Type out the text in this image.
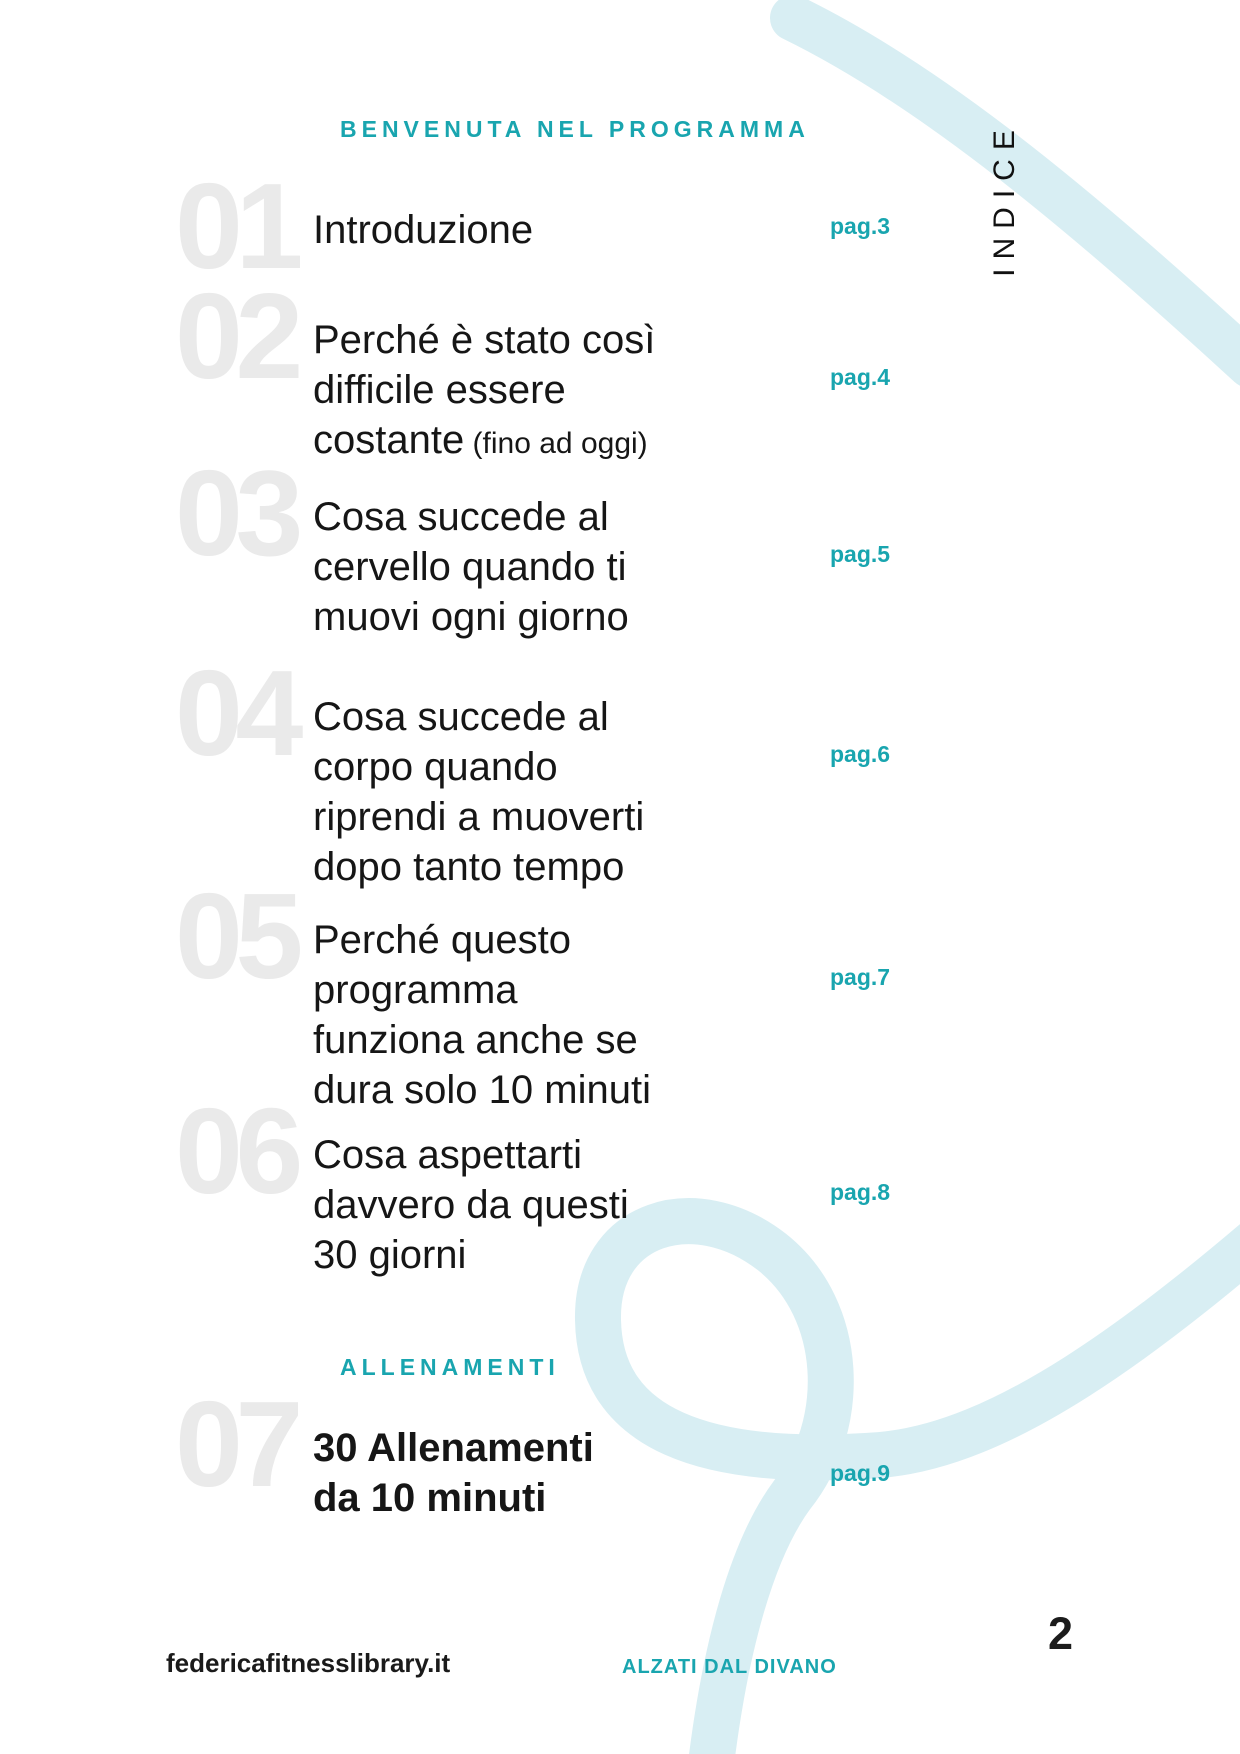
BENVENUTA NEL PROGRAMMA
ALLENAMENTI
INDICE
01 Introduzione	pag.3
02 Perché è stato così
difficile essere
costante (fino ad oggi)
pag.4
03 Cosa succede al
cervello quando ti
muovi ogni giorno
pag.5
04 Cosa succede al
corpo quando
riprendi a muoverti
dopo tanto tempo
pag.6
05 Perché questo
programma
funziona anche se
dura solo 10 minuti
pag.7
06 Cosa aspettarti
davvero da questi
30 giorni
pag.8
07 30 Allenamenti
da 10 minuti
pag.9
federicafitnesslibrary.it	ALZATI DAL DIVANO
2
